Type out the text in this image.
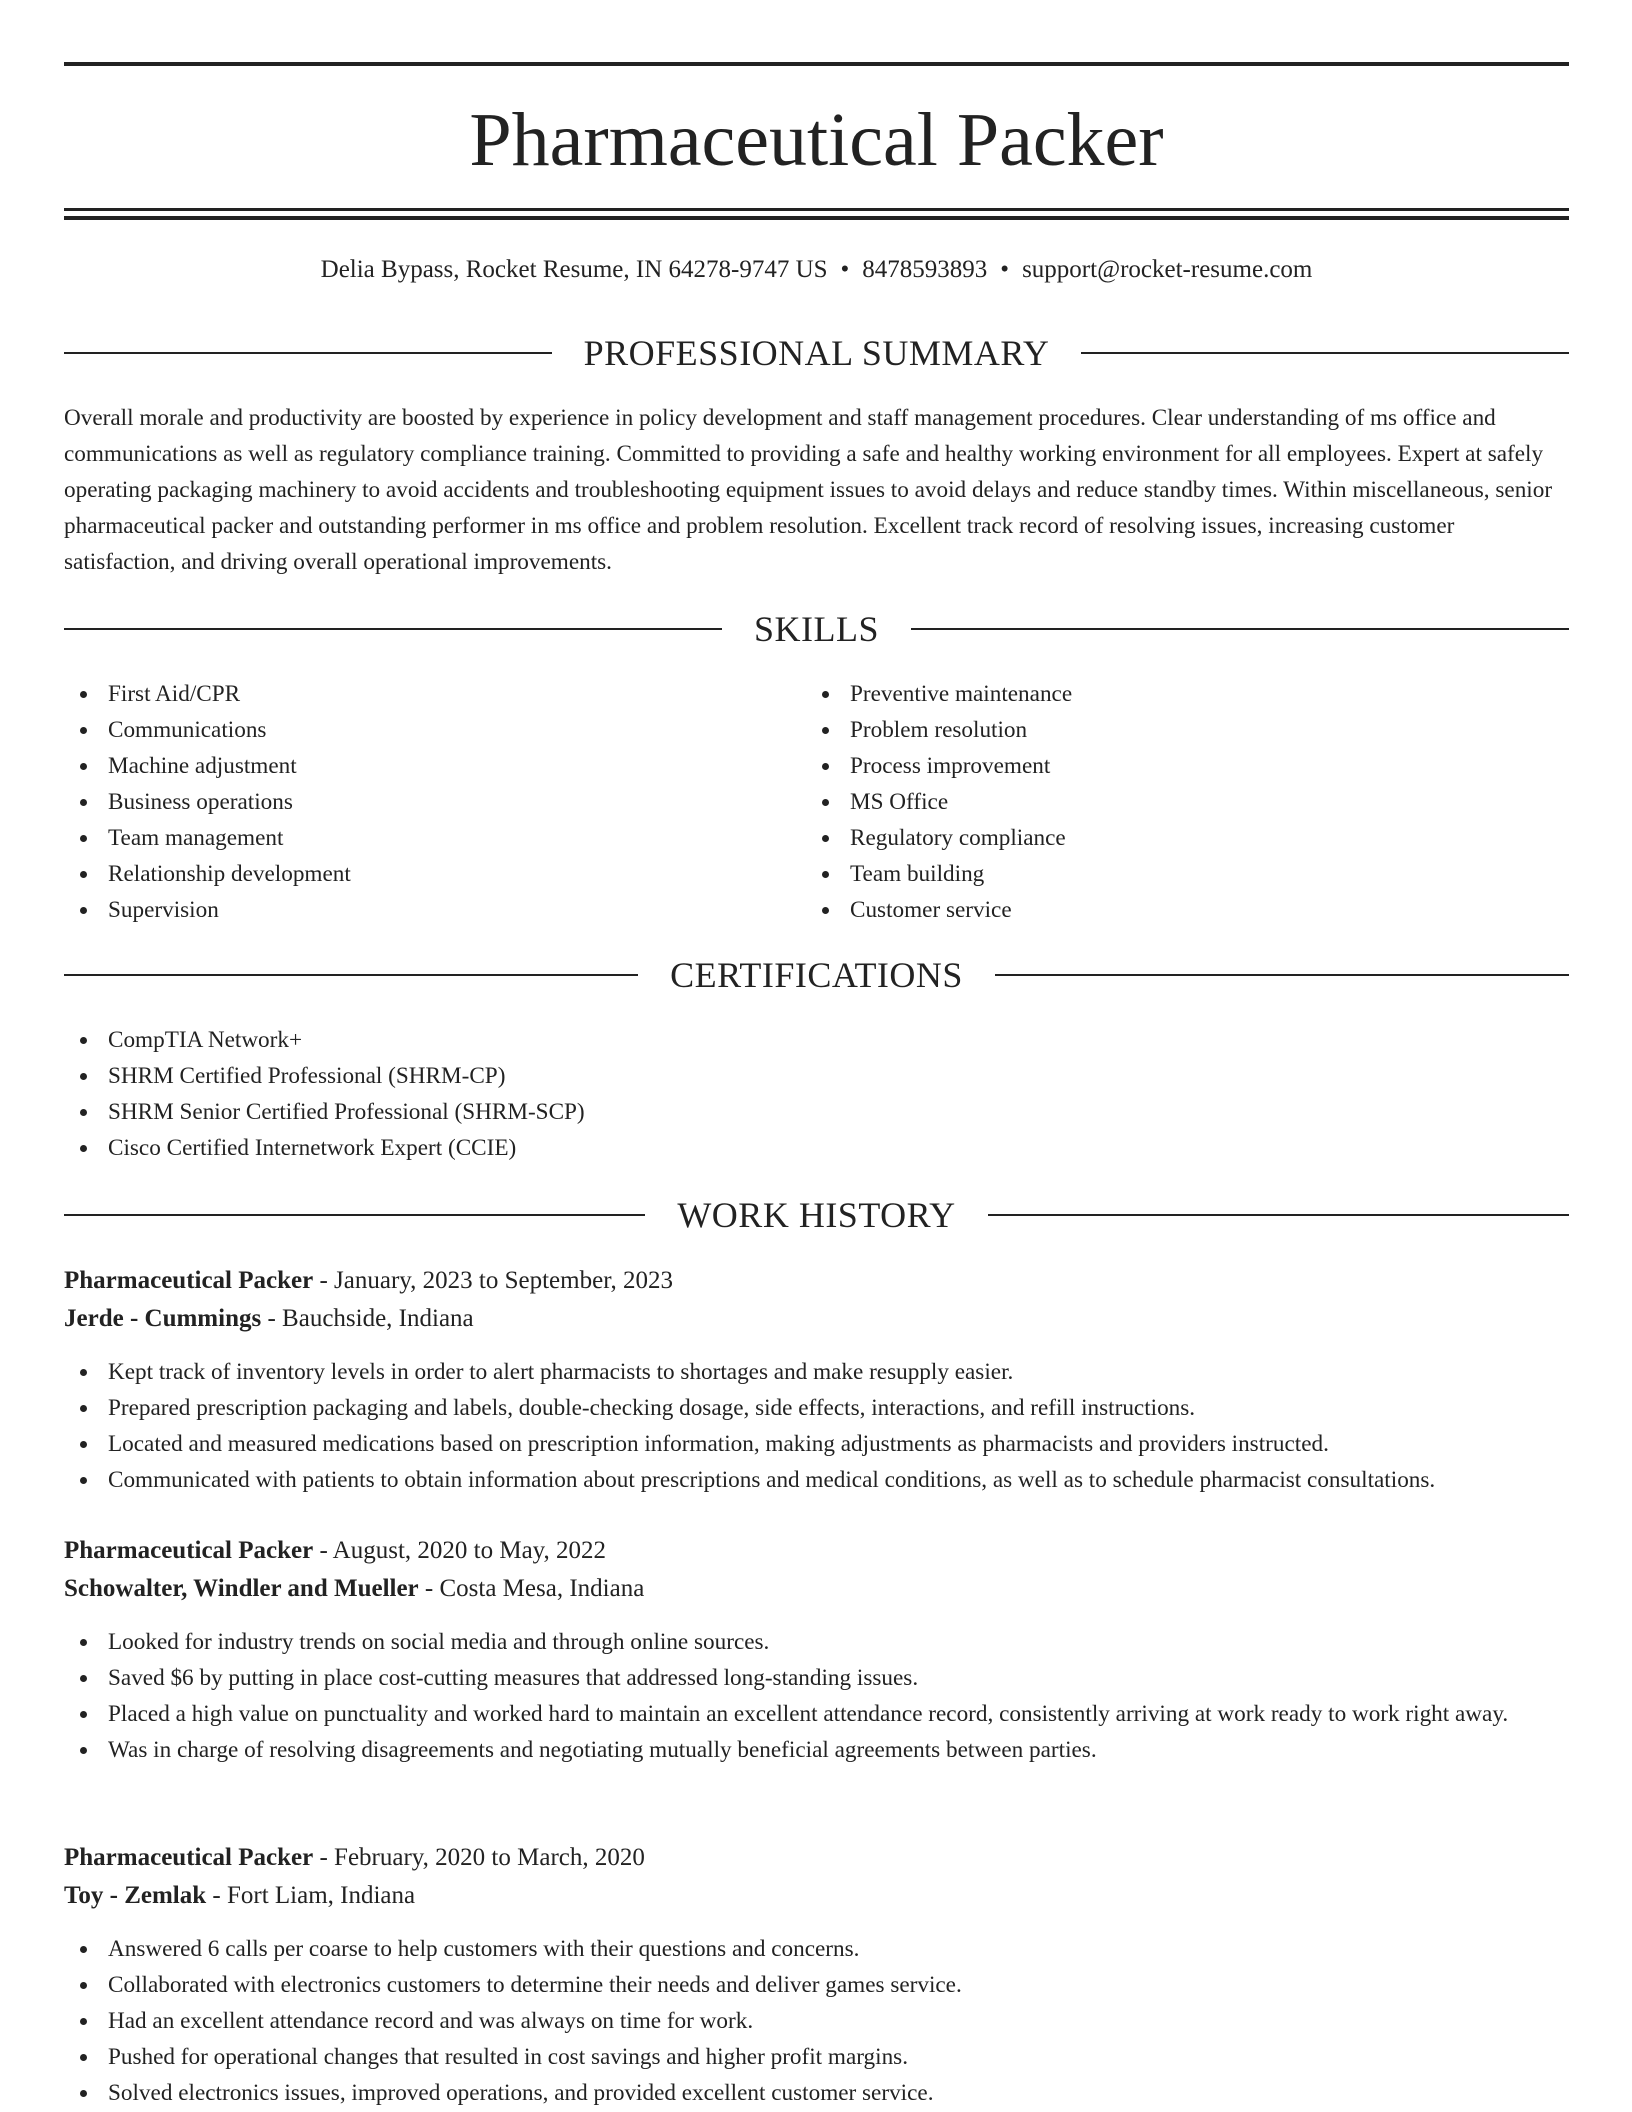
Pharmaceutical Packer
Delia Bypass, Rocket Resume, IN 64278-9747 US • 8478593893 • support@rocket-resume.com
PROFESSIONAL SUMMARY

Overall morale and productivity are boosted by experience in policy development and staff management procedures. Clear understanding of ms office and communications as well as regulatory compliance training. Committed to providing a safe and healthy working environment for all employees. Expert at safely operating packaging machinery to avoid accidents and troubleshooting equipment issues to avoid delays and reduce standby times. Within miscellaneous, senior pharmaceutical packer and outstanding performer in ms office and problem resolution. Excellent track record of resolving issues, increasing customer satisfaction, and driving overall operational improvements.

SKILLS
First Aid/CPR
Communications
Machine adjustment
Business operations
Team management
Relationship development
Supervision
Preventive maintenance
Problem resolution
Process improvement
MS Office
Regulatory compliance
Team building
Customer service
CERTIFICATIONS
CompTIA Network+
SHRM Certified Professional (SHRM-CP)
SHRM Senior Certified Professional (SHRM-SCP)
Cisco Certified Internetwork Expert (CCIE)
WORK HISTORY
Pharmaceutical Packer - January, 2023 to September, 2023
Jerde - Cummings - Bauchside, Indiana
Kept track of inventory levels in order to alert pharmacists to shortages and make resupply easier.
Prepared prescription packaging and labels, double-checking dosage, side effects, interactions, and refill instructions.
Located and measured medications based on prescription information, making adjustments as pharmacists and providers instructed.
Communicated with patients to obtain information about prescriptions and medical conditions, as well as to schedule pharmacist consultations.
Pharmaceutical Packer - August, 2020 to May, 2022
Schowalter, Windler and Mueller - Costa Mesa, Indiana
Looked for industry trends on social media and through online sources.
Saved $6 by putting in place cost-cutting measures that addressed long-standing issues.
Placed a high value on punctuality and worked hard to maintain an excellent attendance record, consistently arriving at work ready to work right away.
Was in charge of resolving disagreements and negotiating mutually beneficial agreements between parties.
Pharmaceutical Packer - February, 2020 to March, 2020
Toy - Zemlak - Fort Liam, Indiana
Answered 6 calls per coarse to help customers with their questions and concerns.
Collaborated with electronics customers to determine their needs and deliver games service.
Had an excellent attendance record and was always on time for work.
Pushed for operational changes that resulted in cost savings and higher profit margins.
Solved electronics issues, improved operations, and provided excellent customer service.
